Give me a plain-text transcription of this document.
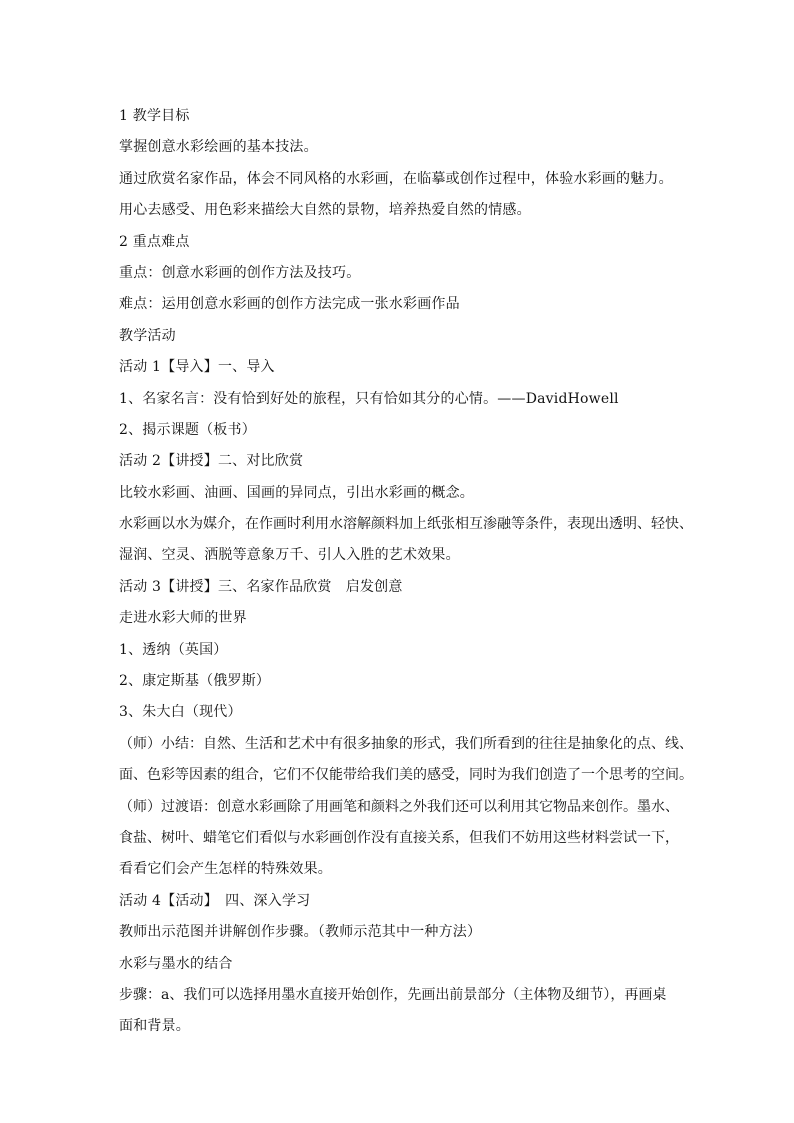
1 教学目标
掌握创意水彩绘画的基本技法。
通过欣赏名家作品，体会不同风格的水彩画，在临摹或创作过程中，体验水彩画的魅力。
用心去感受、用色彩来描绘大自然的景物，培养热爱自然的情感。
2 重点难点
重点：创意水彩画的创作方法及技巧。
难点：运用创意水彩画的创作方法完成一张水彩画作品
教学活动
活动 1【导入】一、导入
1、名家名言：没有恰到好处的旅程，只有恰如其分的心情。——DavidHowell
2、揭示课题（板书）
活动 2【讲授】二、对比欣赏
比较水彩画、油画、国画的异同点，引出水彩画的概念。
水彩画以水为媒介，在作画时利用水溶解颜料加上纸张相互渗融等条件，表现出透明、轻快、
湿润、空灵、洒脱等意象万千、引人入胜的艺术效果。
活动 3【讲授】三、名家作品欣赏　启发创意
走进水彩大师的世界
1、透纳（英国）
2、康定斯基（俄罗斯）
3、朱大白（现代）
（师）小结：自然、生活和艺术中有很多抽象的形式，我们所看到的往往是抽象化的点、线、
面、色彩等因素的组合，它们不仅能带给我们美的感受，同时为我们创造了一个思考的空间。
（师）过渡语：创意水彩画除了用画笔和颜料之外我们还可以利用其它物品来创作。墨水、
食盐、树叶、蜡笔它们看似与水彩画创作没有直接关系，但我们不妨用这些材料尝试一下，
看看它们会产生怎样的特殊效果。
活动 4【活动】　四、深入学习
教师出示范图并讲解创作步骤。（教师示范其中一种方法）
水彩与墨水的结合
步骤：a、我们可以选择用墨水直接开始创作，先画出前景部分（主体物及细节），再画桌
面和背景。
